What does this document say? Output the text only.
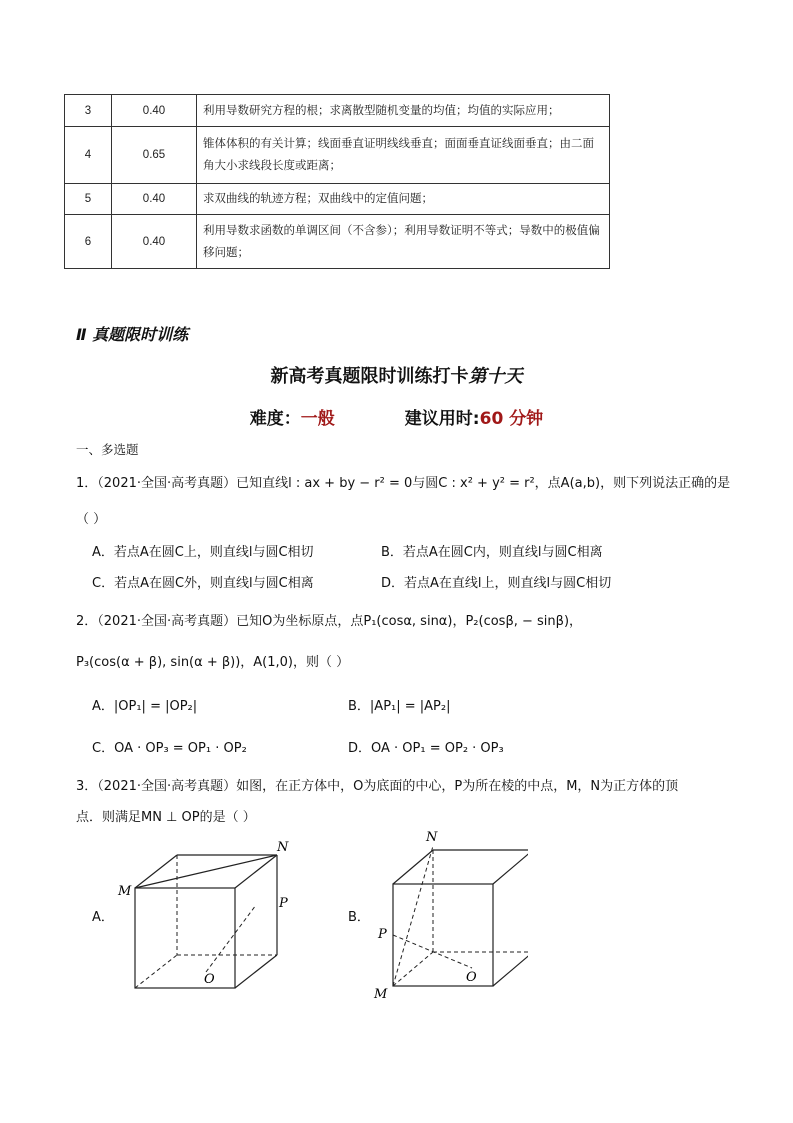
3	0.40	利用导数研究方程的根；求离散型随机变量的均值；均值的实际应用；
4	0.65	锥体体积的有关计算；线面垂直证明线线垂直；面面垂直证线面垂直；由二面角大小求线段长度或距离；
5	0.40	求双曲线的轨迹方程；双曲线中的定值问题；
6	0.40	利用导数求函数的单调区间（不含参）；利用导数证明不等式；导数中的极值偏移问题；
Ⅱ 真题限时训练
新高考真题限时训练打卡第十天
难度：一般	建议用时:60 分钟
一、多选题
1．（2021·全国·高考真题）已知直线l : ax + by − r² = 0与圆C : x² + y² = r²，点A(a,b)，则下列说法正确的是
（ ）
A．若点A在圆C上，则直线l与圆C相切	B．若点A在圆C内，则直线l与圆C相离
C．若点A在圆C外，则直线l与圆C相离	D．若点A在直线l上，则直线l与圆C相切
2．（2021·全国·高考真题）已知O为坐标原点，点P₁(cosα, sinα)，P₂(cosβ, − sinβ)，
P₃(cos(α + β), sin(α + β))，A(1,0)，则（ ）
A．|OP₁| = |OP₂|	B．|AP₁| = |AP₂|
C．OA · OP₃ = OP₁ · OP₂	D．OA · OP₁ = OP₂ · OP₃
3．（2021·全国·高考真题）如图，在正方体中，O为底面的中心，P为所在棱的中点，M，N为正方体的顶
点．则满足MN ⊥ OP的是（ ）
A．
M
N
P
O
B．
N
P
O
M
